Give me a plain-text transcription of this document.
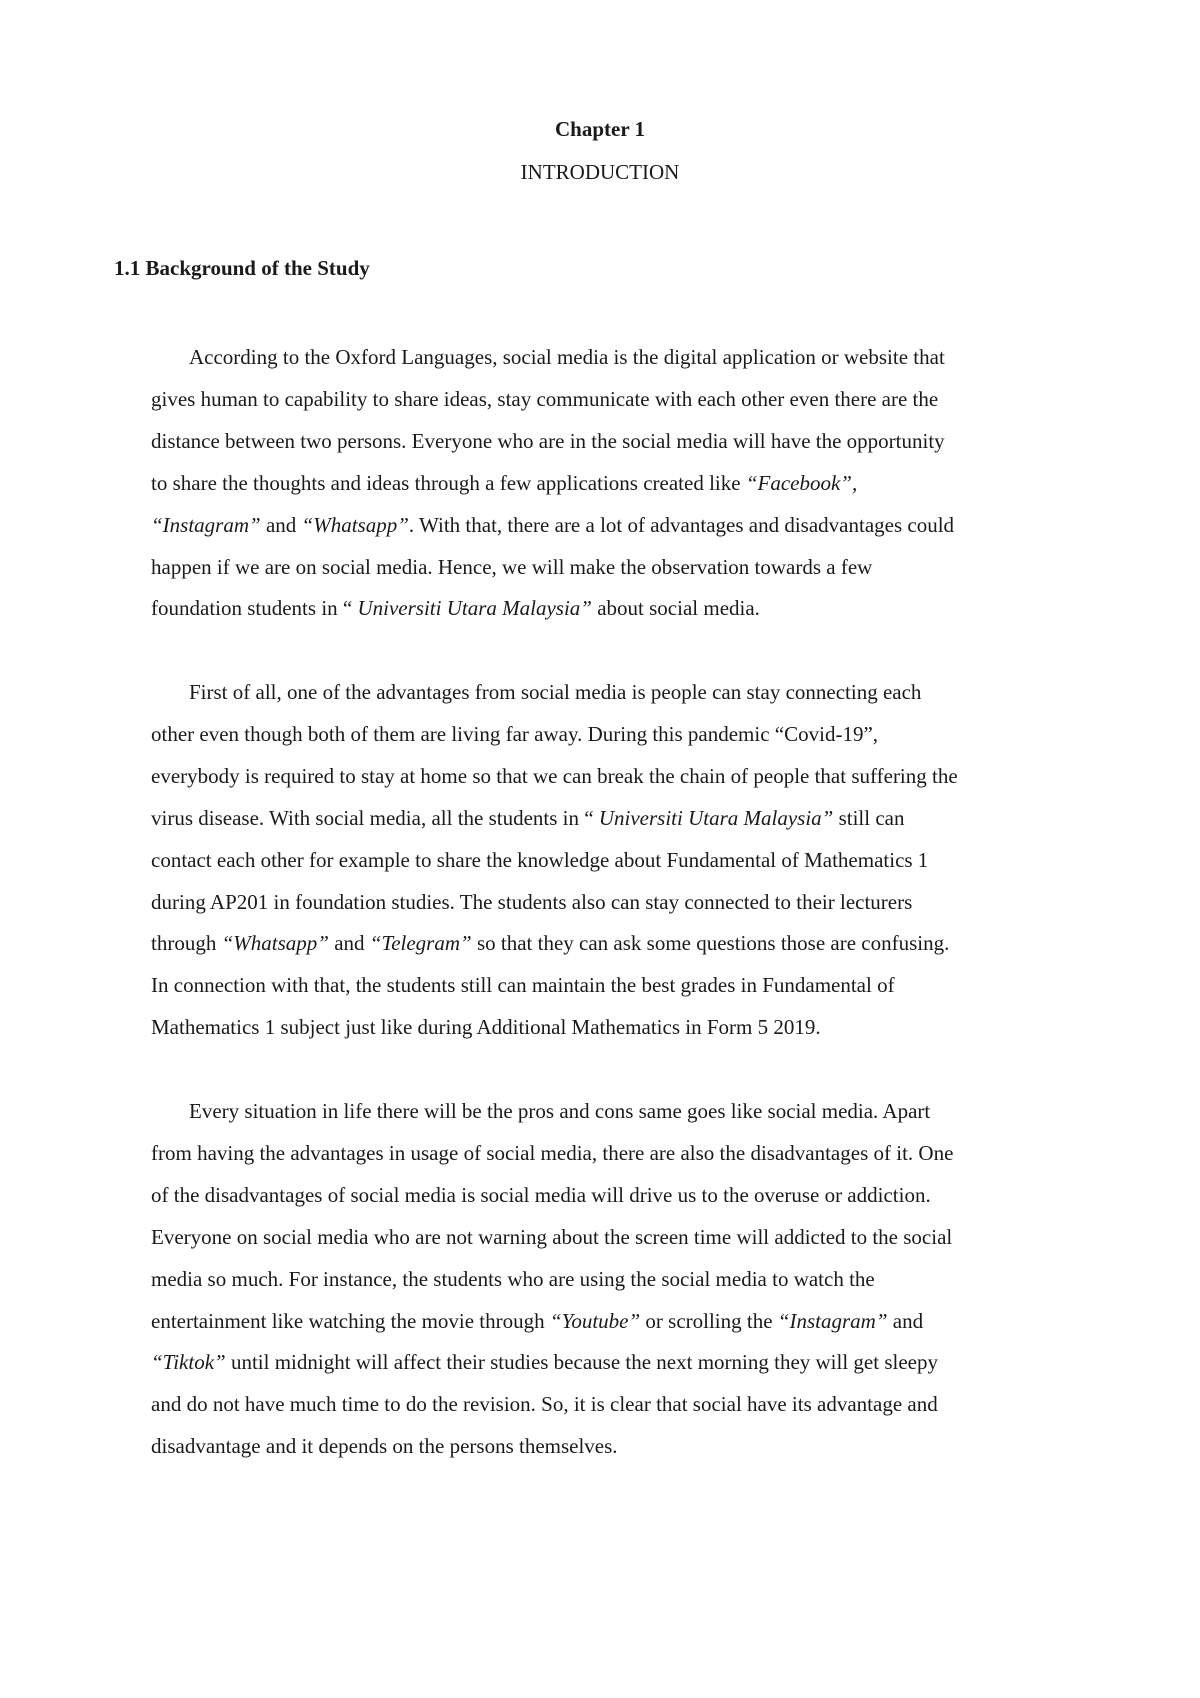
Chapter 1
INTRODUCTION
1.1 Background of the Study
According to the Oxford Languages, social media is the digital application or website that
gives human to capability to share ideas, stay communicate with each other even there are the
distance between two persons. Everyone who are in the social media will have the opportunity
to share the thoughts and ideas through a few applications created like “Facebook”,
“Instagram” and “Whatsapp”. With that, there are a lot of advantages and disadvantages could
happen if we are on social media. Hence, we will make the observation towards a few
foundation students in “ Universiti Utara Malaysia” about social media.
First of all, one of the advantages from social media is people can stay connecting each
other even though both of them are living far away. During this pandemic “Covid-19”,
everybody is required to stay at home so that we can break the chain of people that suffering the
virus disease. With social media, all the students in “ Universiti Utara Malaysia” still can
contact each other for example to share the knowledge about Fundamental of Mathematics 1
during AP201 in foundation studies. The students also can stay connected to their lecturers
through “Whatsapp” and “Telegram” so that they can ask some questions those are confusing.
In connection with that, the students still can maintain the best grades in Fundamental of
Mathematics 1 subject just like during Additional Mathematics in Form 5 2019.
Every situation in life there will be the pros and cons same goes like social media. Apart
from having the advantages in usage of social media, there are also the disadvantages of it. One
of the disadvantages of social media is social media will drive us to the overuse or addiction.
Everyone on social media who are not warning about the screen time will addicted to the social
media so much. For instance, the students who are using the social media to watch the
entertainment like watching the movie through “Youtube” or scrolling the “Instagram” and
“Tiktok” until midnight will affect their studies because the next morning they will get sleepy
and do not have much time to do the revision. So, it is clear that social have its advantage and
disadvantage and it depends on the persons themselves.
